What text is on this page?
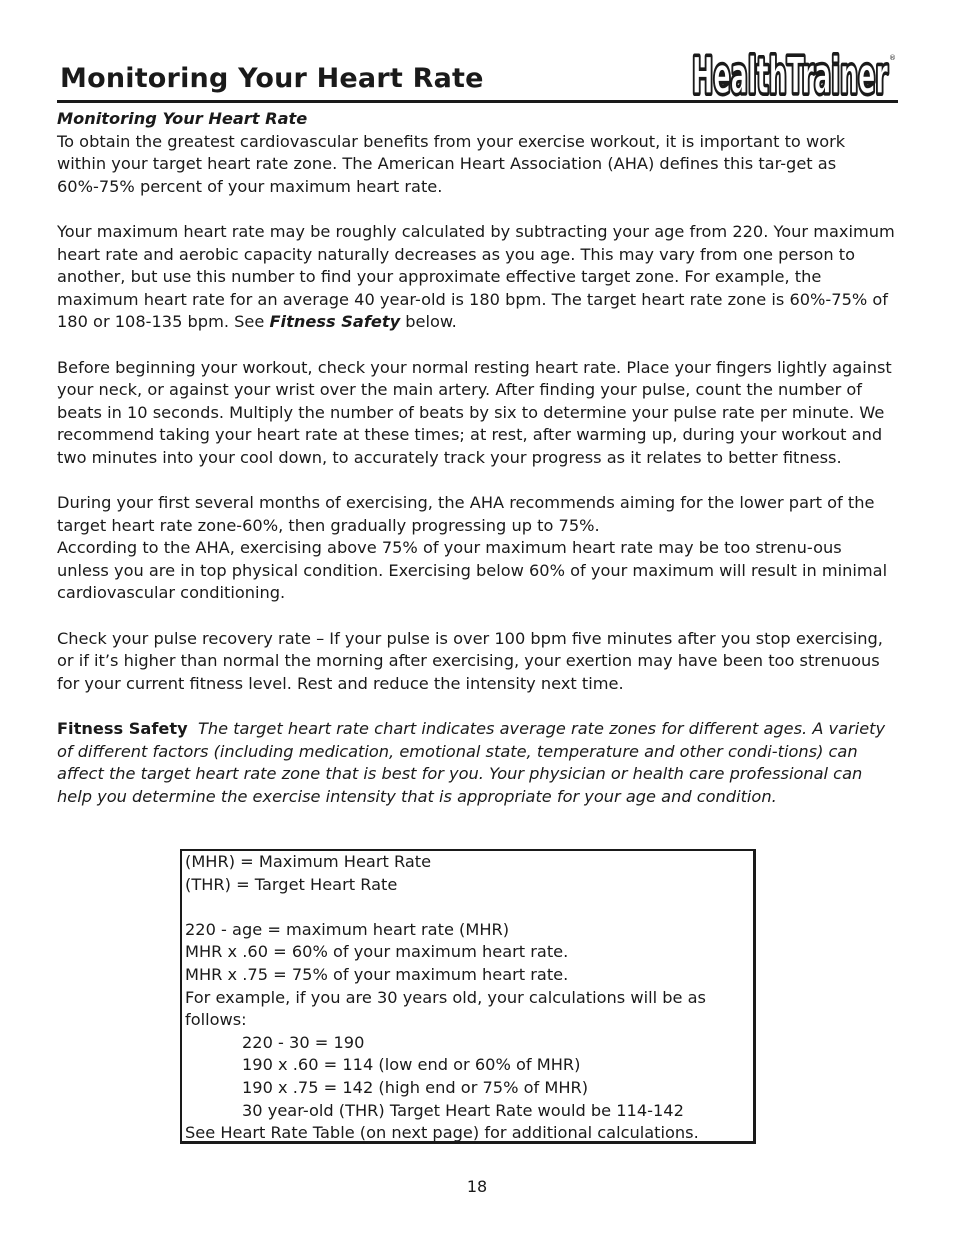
Monitoring Your Heart Rate	HealthTrainer
HealthTrainer ®
Monitoring Your Heart Rate

To obtain the greatest cardiovascular benefits from your exercise workout, it is important to work within your target heart rate zone. The American Heart Association (AHA) defines this tar-get as 60%-75% percent of your maximum heart rate.

Your maximum heart rate may be roughly calculated by subtracting your age from 220. Your maximum heart rate and aerobic capacity naturally decreases as you age. This may vary from one person to another, but use this number to find your approximate effective target zone. For example, the maximum heart rate for an average 40 year-old is 180 bpm. The target heart rate zone is 60%-75% of 180 or 108-135 bpm. See Fitness Safety below.

Before beginning your workout, check your normal resting heart rate. Place your fingers lightly against your neck, or against your wrist over the main artery. After finding your pulse, count the number of beats in 10 seconds. Multiply the number of beats by six to determine your pulse rate per minute. We recommend taking your heart rate at these times; at rest, after warming up, during your workout and two minutes into your cool down, to accurately track your progress as it relates to better fitness.

During your first several months of exercising, the AHA recommends aiming for the lower part of the target heart rate zone-60%, then gradually progressing up to 75%.

According to the AHA, exercising above 75% of your maximum heart rate may be too strenu-ous unless you are in top physical condition. Exercising below 60% of your maximum will result in minimal cardiovascular conditioning.

Check your pulse recovery rate – If your pulse is over 100 bpm five minutes after you stop exercising, or if it’s higher than normal the morning after exercising, your exertion may have been too strenuous for your current fitness level. Rest and reduce the intensity next time.

Fitness Safety The target heart rate chart indicates average rate zones for different ages. A variety of different factors (including medication, emotional state, temperature and other condi-tions) can affect the target heart rate zone that is best for you. Your physician or health care professional can help you determine the exercise intensity that is appropriate for your age and condition.

(MHR) = Maximum Heart Rate
(THR) = Target Heart Rate
220 - age = maximum heart rate (MHR)
MHR x .60 = 60% of your maximum heart rate.
MHR x .75 = 75% of your maximum heart rate.
For example, if you are 30 years old, your calculations will be as follows:
220 - 30 = 190
190 x .60 = 114 (low end or 60% of MHR)
190 x .75 = 142 (high end or 75% of MHR)
30 year-old (THR) Target Heart Rate would be 114-142
See Heart Rate Table (on next page) for additional calculations.
18
